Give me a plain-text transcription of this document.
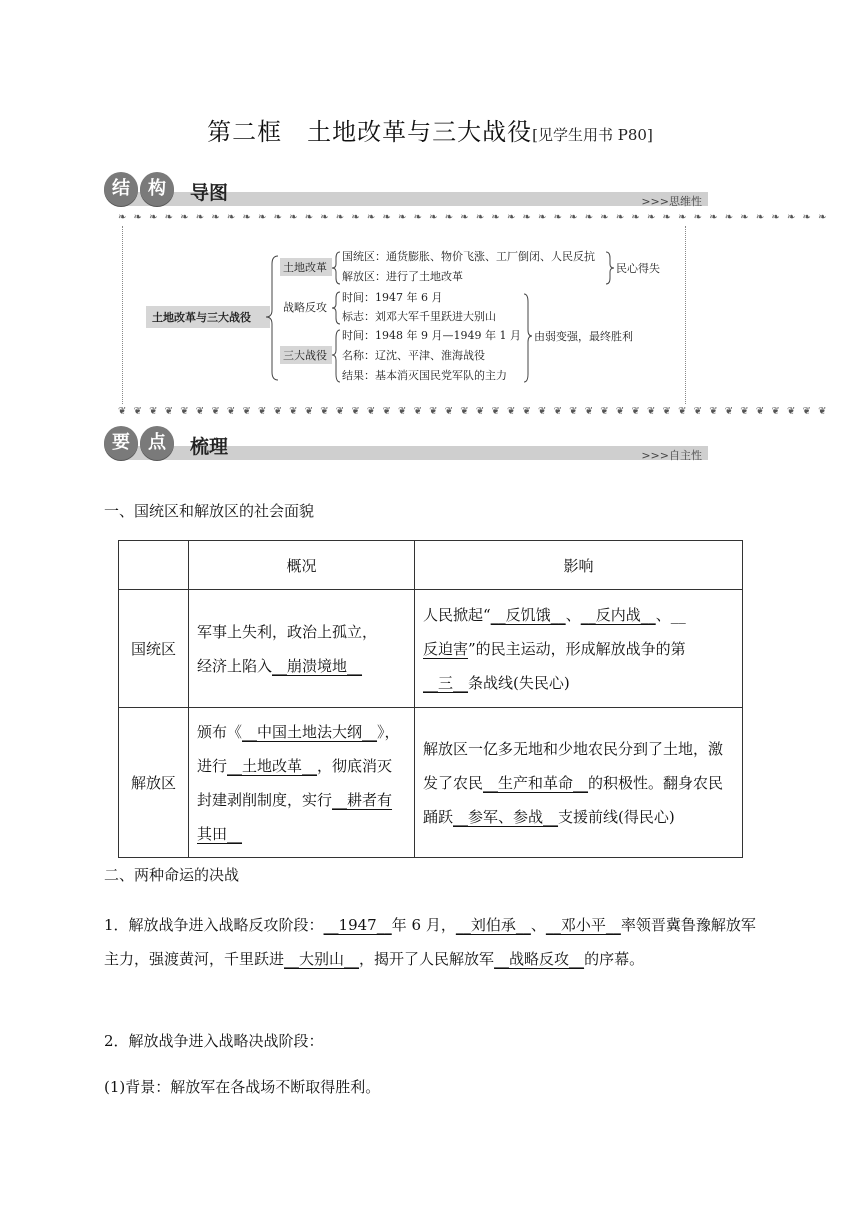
第二框　土地改革与三大战役[见学生用书 P80]
结	构	导图	>>>思维性
❧ ❧ ❧ ❧ ❧ ❧ ❧ ❧ ❧ ❧ ❧ ❧ ❧ ❧ ❧ ❧ ❧ ❧ ❧ ❧ ❧ ❧ ❧ ❧ ❧ ❧ ❧ ❧ ❧ ❧ ❧ ❧ ❧ ❧ ❧ ❧ ❧ ❧ ❧ ❧ ❧ ❧ ❧ ❧ ❧ ❧
❦ ❦ ❦ ❦ ❦ ❦ ❦ ❦ ❦ ❦ ❦ ❦ ❦ ❦ ❦ ❦ ❦ ❦ ❦ ❦ ❦ ❦ ❦ ❦ ❦ ❦ ❦ ❦ ❦ ❦ ❦ ❦ ❦ ❦ ❦ ❦ ❦ ❦ ❦ ❦ ❦ ❦ ❦ ❦ ❦ ❦
土地改革与三大战役
土地改革
国统区：通货膨胀、物价飞涨、工厂倒闭、人民反抗
解放区：进行了土地改革
民心得失
战略反攻
时间：1947 年 6 月
标志：刘邓大军千里跃进大别山
三大战役
时间：1948 年 9 月—1949 年 1 月
名称：辽沈、平津、淮海战役
结果：基本消灭国民党军队的主力
由弱变强，最终胜利
要	点	梳理	>>>自主性
一、国统区和解放区的社会面貌
	概况	影响
国统区	军事上失利，政治上孤立，
经济上陷入__崩溃境地__	人民掀起“__反饥饿__、__反内战__、__
反迫害”的民主运动，形成解放战争的第
__三__条战线(失民心)
解放区	颁布《__中国土地法大纲__》，进行__土地改革__，彻底消灭封建剥削制度，实行__耕者有其田__	解放区一亿多无地和少地农民分到了土地，激发了农民__生产和革命__的积极性。翻身农民踊跃__参军、参战__支援前线(得民心)
二、两种命运的决战
1．解放战争进入战略反攻阶段：__1947__年 6 月，__刘伯承__、__邓小平__率领晋冀鲁豫解放军主力，强渡黄河，千里跃进__大别山__，揭开了人民解放军__战略反攻__的序幕。
2．解放战争进入战略决战阶段：
(1)背景：解放军在各战场不断取得胜利。
